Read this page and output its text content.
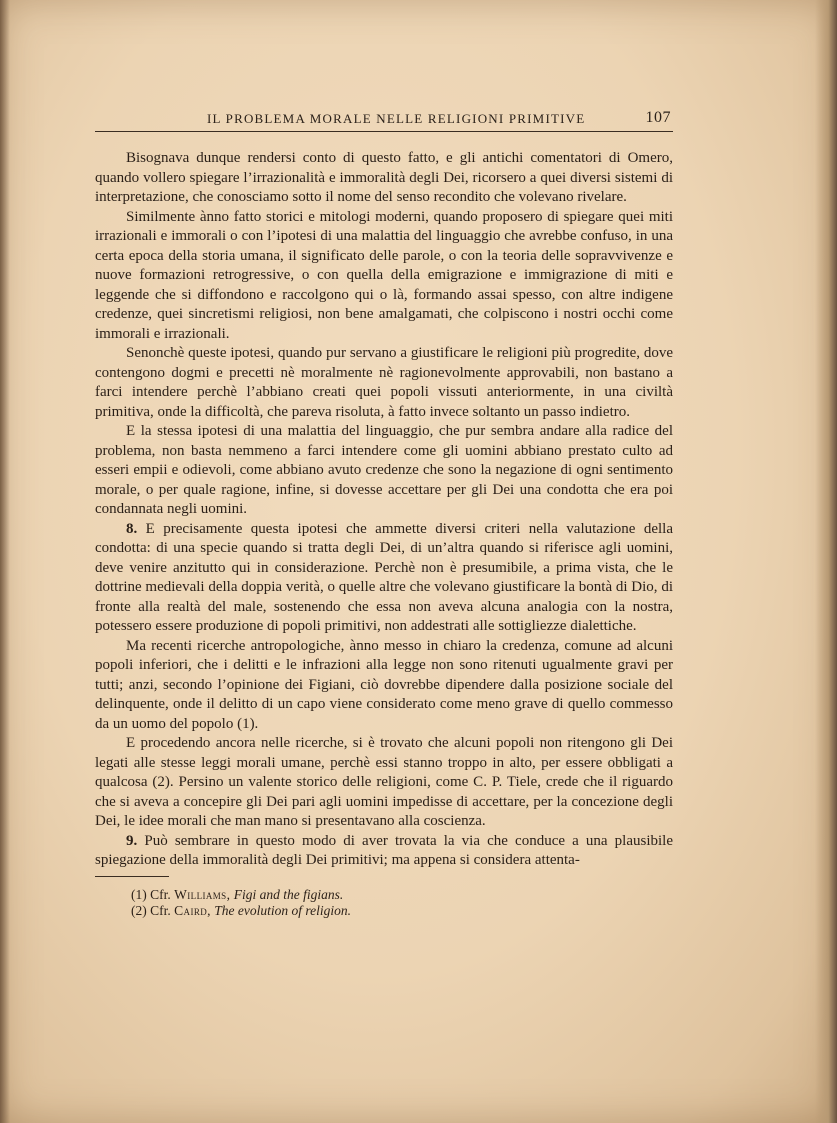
IL PROBLEMA MORALE NELLE RELIGIONI PRIMITIVE	107

Bisognava dunque rendersi conto di questo fatto, e gli antichi comentatori di Omero, quando vollero spiegare l’irrazionalità e immoralità degli Dei, ricorsero a quei diversi sistemi di interpretazione, che conosciamo sotto il nome del senso recondito che volevano rivelare.

Similmente ànno fatto storici e mitologi moderni, quando proposero di spiegare quei miti irrazionali e immorali o con l’ipotesi di una malattia del linguaggio che avrebbe confuso, in una certa epoca della storia umana, il significato delle parole, o con la teoria delle sopravvivenze e nuove formazioni retrogressive, o con quella della emigrazione e immigrazione di miti e leggende che si diffondono e raccolgono qui o là, formando assai spesso, con altre indigene credenze, quei sincretismi religiosi, non bene amalgamati, che colpiscono i nostri occhi come immorali e irrazionali.

Senonchè queste ipotesi, quando pur servano a giustificare le religioni più progredite, dove contengono dogmi e precetti nè moralmente nè ragionevolmente approvabili, non bastano a farci intendere perchè l’abbiano creati quei popoli vissuti anteriormente, in una civiltà primitiva, onde la difficoltà, che pareva risoluta, à fatto invece soltanto un passo indietro.

E la stessa ipotesi di una malattia del linguaggio, che pur sembra andare alla radice del problema, non basta nemmeno a farci intendere come gli uomini abbiano prestato culto ad esseri empii e odievoli, come abbiano avuto credenze che sono la negazione di ogni sentimento morale, o per quale ragione, infine, si dovesse accettare per gli Dei una condotta che era poi condannata negli uomini.

8. E precisamente questa ipotesi che ammette diversi criteri nella valutazione della condotta: di una specie quando si tratta degli Dei, di un’altra quando si riferisce agli uomini, deve venire anzitutto qui in considerazione. Perchè non è presumibile, a prima vista, che le dottrine medievali della doppia verità, o quelle altre che volevano giustificare la bontà di Dio, di fronte alla realtà del male, sostenendo che essa non aveva alcuna analogia con la nostra, potessero essere produzione di popoli primitivi, non addestrati alle sottigliezze dialettiche.

Ma recenti ricerche antropologiche, ànno messo in chiaro la credenza, comune ad alcuni popoli inferiori, che i delitti e le infrazioni alla legge non sono ritenuti ugualmente gravi per tutti; anzi, secondo l’opinione dei Figiani, ciò dovrebbe dipendere dalla posizione sociale del delinquente, onde il delitto di un capo viene considerato come meno grave di quello commesso da un uomo del popolo (1).

E procedendo ancora nelle ricerche, si è trovato che alcuni popoli non ritengono gli Dei legati alle stesse leggi morali umane, perchè essi stanno troppo in alto, per essere obbligati a qualcosa (2). Persino un valente storico delle religioni, come C. P. Tiele, crede che il riguardo che si aveva a concepire gli Dei pari agli uomini impedisse di accettare, per la concezione degli Dei, le idee morali che man mano si presentavano alla coscienza.

9. Può sembrare in questo modo di aver trovata la via che conduce a una plausibile spiegazione della immoralità degli Dei primitivi; ma appena si considera attenta-

(1) Cfr. Williams, Figi and the figians.
(2) Cfr. Caird, The evolution of religion.
